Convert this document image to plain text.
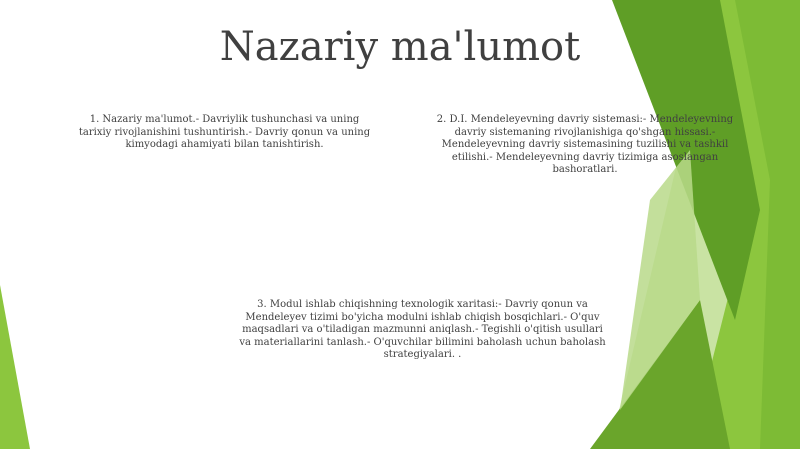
Nazariy ma'lumot
1. Nazariy ma'lumot.- Davriylik tushunchasi va uning tarixiy rivojlanishini tushuntirish.- Davriy qonun va uning kimyodagi ahamiyati bilan tanishtirish.
2. D.I. Mendeleyevning davriy sistemasi:- Mendeleyevning davriy sistemaning rivojlanishiga qo'shgan hissasi.- Mendeleyevning davriy sistemasining tuzilishi va tashkil etilishi.- Mendeleyevning davriy tizimiga asoslangan bashoratlari.
3. Modul ishlab chiqishning texnologik xaritasi:- Davriy qonun va Mendeleyev tizimi bo'yicha modulni ishlab chiqish bosqichlari.- O'quv maqsadlari va o'tiladigan mazmunni aniqlash.- Tegishli o'qitish usullari va materiallarini tanlash.- O'quvchilar bilimini baholash uchun baholash strategiyalari. .
